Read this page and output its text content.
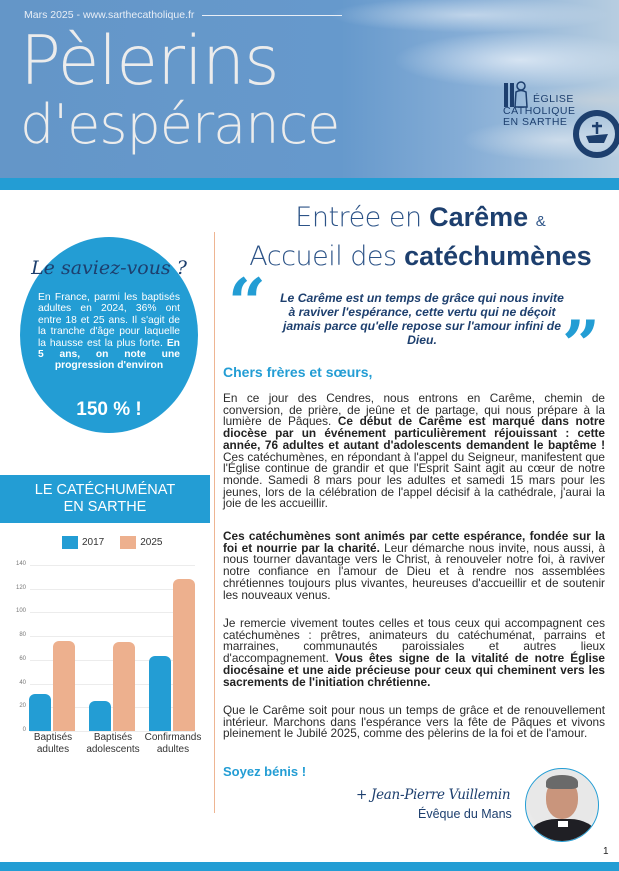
Mars 2025 - www.sarthecatholique.fr
Pèlerins
d'espérance	ÉGLISE
CATHOLIQUE
EN SARTHE
Le saviez-vous ?
En France, parmi les baptisés adultes en 2024, 36% ont entre 18 et 25 ans. Il s'agit de la tranche d'âge pour laquelle la hausse est la plus forte. En 5 ans, on note une progression d'environ
150 % !
LE CATÉCHUMÉNAT
EN SARTHE
2017	2025
0
20
40
60
80
100
120
140
Baptisés
adultes
Baptisés
adolescents
Confirmands
adultes
Entrée en Carême &
Accueil des catéchumènes
“ Le Carême est un temps de grâce qui nous invite à raviver l'espérance, cette vertu qui ne déçoit jamais parce qu'elle repose sur l'amour infini de Dieu.	”
Chers frères et sœurs,
En ce jour des Cendres, nous entrons en Carême, chemin de conversion, de prière, de jeûne et de partage, qui nous prépare à la lumière de Pâques. Ce début de Carême est marqué dans notre diocèse par un événement particulièrement réjouissant : cette année, 76 adultes et autant d'adolescents demandent le baptême ! Ces catéchumènes, en répondant à l'appel du Seigneur, manifestent que l'Église continue de grandir et que l'Esprit Saint agit au cœur de notre monde. Samedi 8 mars pour les adultes et samedi 15 mars pour les jeunes, lors de la célébration de l'appel décisif à la cathédrale, j'aurai la joie de les accueillir.
Ces catéchumènes sont animés par cette espérance, fondée sur la foi et nourrie par la charité. Leur démarche nous invite, nous aussi, à nous tourner davantage vers le Christ, à renouveler notre foi, à raviver notre confiance en l'amour de Dieu et à rendre nos assemblées chrétiennes toujours plus vivantes, heureuses d'accueillir et de soutenir les nouveaux venus.
Je remercie vivement toutes celles et tous ceux qui accompagnent ces catéchumènes : prêtres, animateurs du catéchuménat, parrains et marraines, communautés paroissiales et autres lieux d'accompagnement. Vous êtes signe de la vitalité de notre Église diocésaine et une aide précieuse pour ceux qui cheminent vers les sacrements de l'initiation chrétienne.
Que le Carême soit pour nous un temps de grâce et de renouvellement intérieur. Marchons dans l'espérance vers la fête de Pâques et vivons pleinement le Jubilé 2025, comme des pèlerins de la foi et de l'amour.
Soyez bénis !
+ Jean-Pierre Vuillemin
Évêque du Mans
1
